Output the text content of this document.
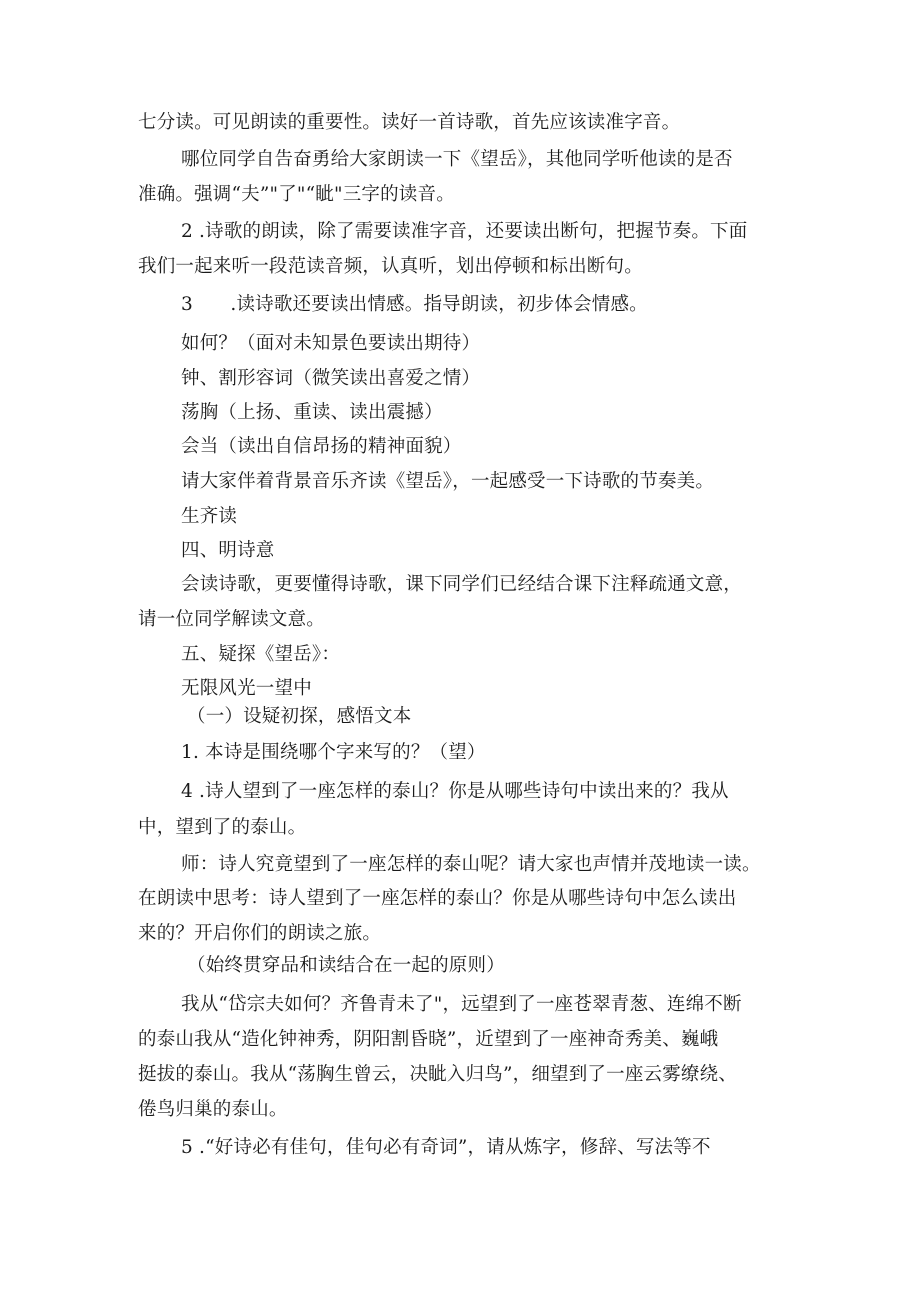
七分读。可见朗读的重要性。读好一首诗歌，首先应该读准字音。
哪位同学自告奋勇给大家朗读一下《望岳》，其他同学听他读的是否
准确。强调“夫”"了"“眦"三字的读音。
2 .诗歌的朗读，除了需要读准字音，还要读出断句，把握节奏。下面
我们一起来听一段范读音频，认真听，划出停顿和标出断句。
3　　.读诗歌还要读出情感。指导朗读，初步体会情感。
如何？（面对未知景色要读出期待）
钟、割形容词（微笑读出喜爱之情）
荡胸（上扬、重读、读出震撼）
会当（读出自信昂扬的精神面貌）
请大家伴着背景音乐齐读《望岳》，一起感受一下诗歌的节奏美。
生齐读
四、明诗意
会读诗歌，更要懂得诗歌，课下同学们已经结合课下注释疏通文意，
请一位同学解读文意。
五、疑探《望岳》：
无限风光一望中
（一）设疑初探，感悟文本
1. 本诗是围绕哪个字来写的？（望）
4 .诗人望到了一座怎样的泰山？你是从哪些诗句中读出来的？我从
中，望到了的泰山。
师：诗人究竟望到了一座怎样的泰山呢？请大家也声情并茂地读一读。
在朗读中思考：诗人望到了一座怎样的泰山？你是从哪些诗句中怎么读出
来的？开启你们的朗读之旅。
（始终贯穿品和读结合在一起的原则）
我从“岱宗夫如何？齐鲁青未了"，远望到了一座苍翠青葱、连绵不断
的泰山我从“造化钟神秀，阴阳割昏晓”，近望到了一座神奇秀美、巍峨
挺拔的泰山。我从“荡胸生曾云，决眦入归鸟”，细望到了一座云雾缭绕、
倦鸟归巢的泰山。
5 .“好诗必有佳句，佳句必有奇词”，请从炼字，修辞、写法等不
